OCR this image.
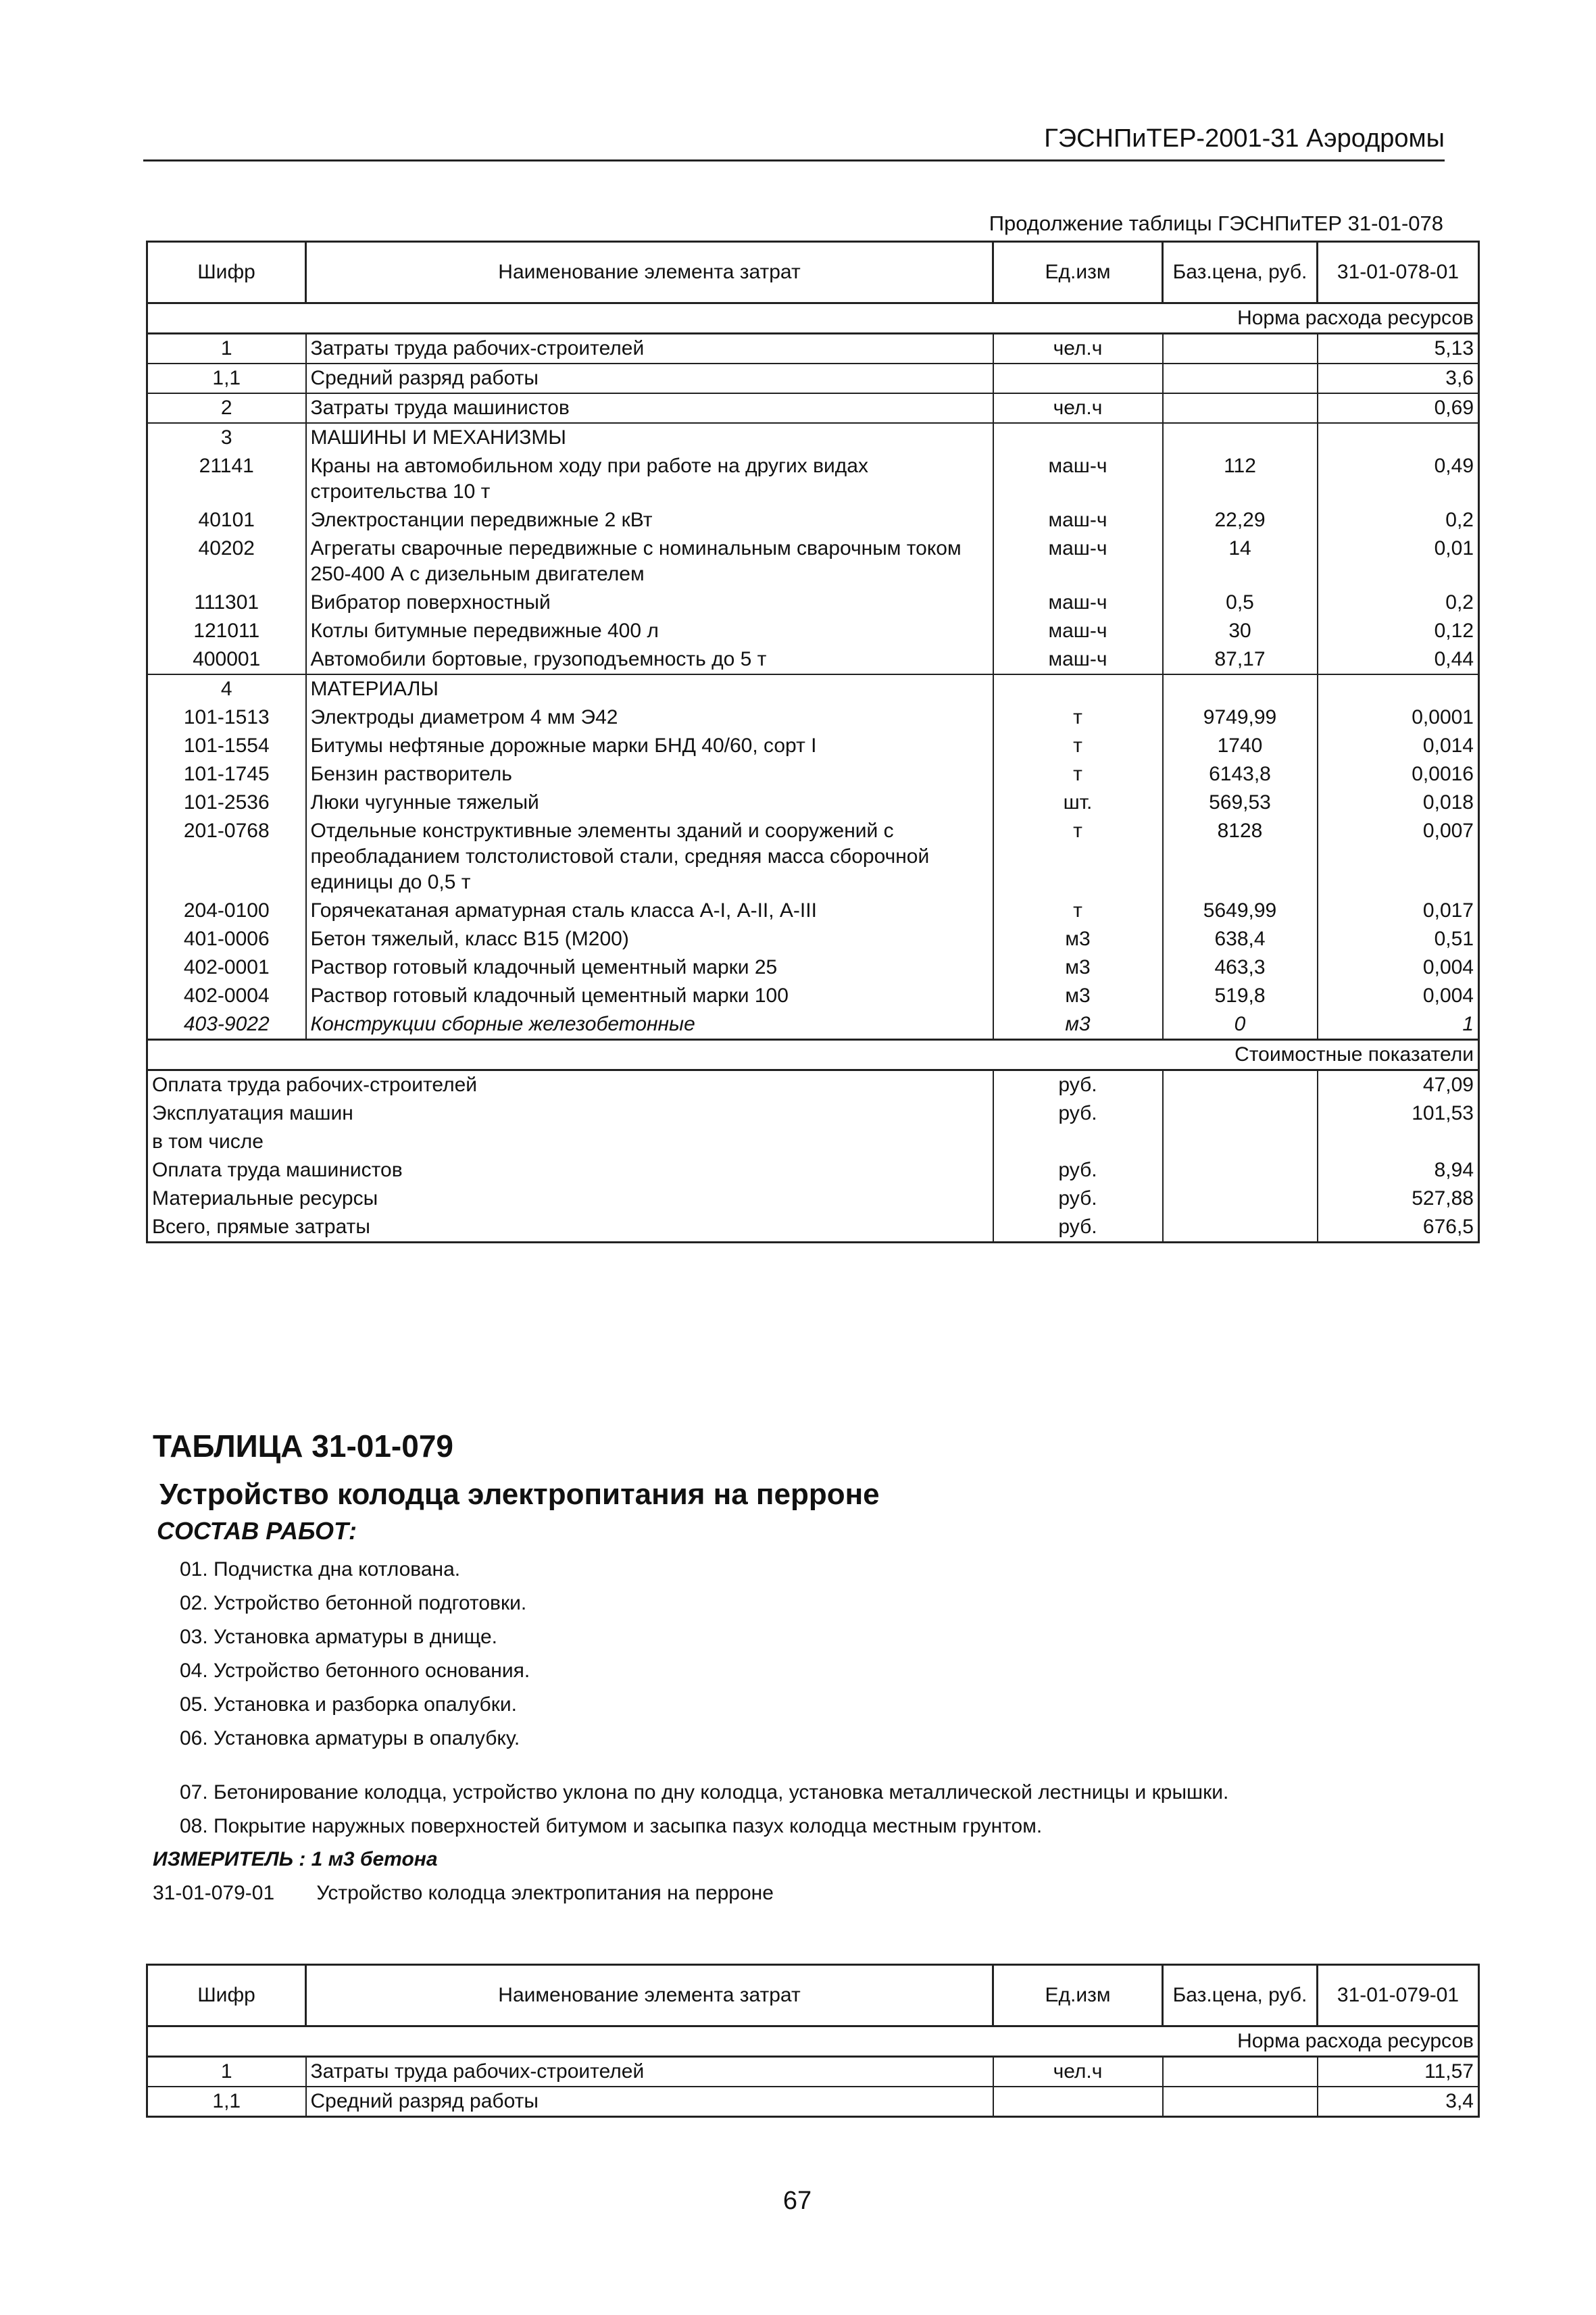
ГЭСНПиТЕР-2001-31 Аэродромы
Продолжение таблицы ГЭСНПиТЕР 31-01-078
Шифр	Наименование элемента затрат	Ед.изм	Баз.цена, руб.	31-01-078-01
Норма расхода ресурсов				
1	Затраты труда рабочих-строителей	чел.ч		5,13
1,1	Средний разряд работы			3,6
2	Затраты труда машинистов	чел.ч		0,69
3	МАШИНЫ И МЕХАНИЗМЫ			
21141	Краны на автомобильном ходу при работе на других видах строительства 10 т	маш-ч	112	0,49
40101	Электростанции передвижные 2 кВт	маш-ч	22,29	0,2
40202	Агрегаты сварочные передвижные с номинальным сварочным током 250-400 А с дизельным двигателем	маш-ч	14	0,01
111301	Вибратор поверхностный	маш-ч	0,5	0,2
121011	Котлы битумные передвижные 400 л	маш-ч	30	0,12
400001	Автомобили бортовые, грузоподъемность до 5 т	маш-ч	87,17	0,44
4	МАТЕРИАЛЫ			
101-1513	Электроды диаметром 4 мм Э42	т	9749,99	0,0001
101-1554	Битумы нефтяные дорожные марки БНД 40/60, сорт I	т	1740	0,014
101-1745	Бензин растворитель	т	6143,8	0,0016
101-2536	Люки чугунные тяжелый	шт.	569,53	0,018
201-0768	Отдельные конструктивные элементы зданий и сооружений с преобладанием толстолистовой стали, средняя масса сборочной единицы до 0,5 т	т	8128	0,007
204-0100	Горячекатаная арматурная сталь класса А-I, А-II, А-III	т	5649,99	0,017
401-0006	Бетон тяжелый, класс В15 (М200)	м3	638,4	0,51
402-0001	Раствор готовый кладочный цементный марки 25	м3	463,3	0,004
402-0004	Раствор готовый кладочный цементный марки 100	м3	519,8	0,004
403-9022	Конструкции сборные железобетонные	м3	0	1
Стоимостные показатели				
Оплата труда рабочих-строителей		руб.		47,09
Эксплуатация машин		руб.		101,53
в том числе				
Оплата труда машинистов		руб.		8,94
Материальные ресурсы		руб.		527,88
Всего, прямые затраты		руб.		676,5
ТАБЛИЦА 31-01-079
Устройство колодца электропитания на перроне
СОСТАВ РАБОТ:
01. Подчистка дна котлована.
02. Устройство бетонной подготовки.
03. Установка арматуры в днище.
04. Устройство бетонного основания.
05. Установка и разборка опалубки.
06. Установка арматуры в опалубку.
07. Бетонирование колодца, устройство уклона по дну колодца, установка металлической лестницы и крышки.
08. Покрытие наружных поверхностей битумом и засыпка пазух колодца местным грунтом.
ИЗМЕРИТЕЛЬ : 1 м3 бетона
31-01-079-01 Устройство колодца электропитания на перроне
Шифр	Наименование элемента затрат	Ед.изм	Баз.цена, руб.	31-01-079-01
Норма расхода ресурсов				
1	Затраты труда рабочих-строителей	чел.ч		11,57
1,1	Средний разряд работы			3,4
67
